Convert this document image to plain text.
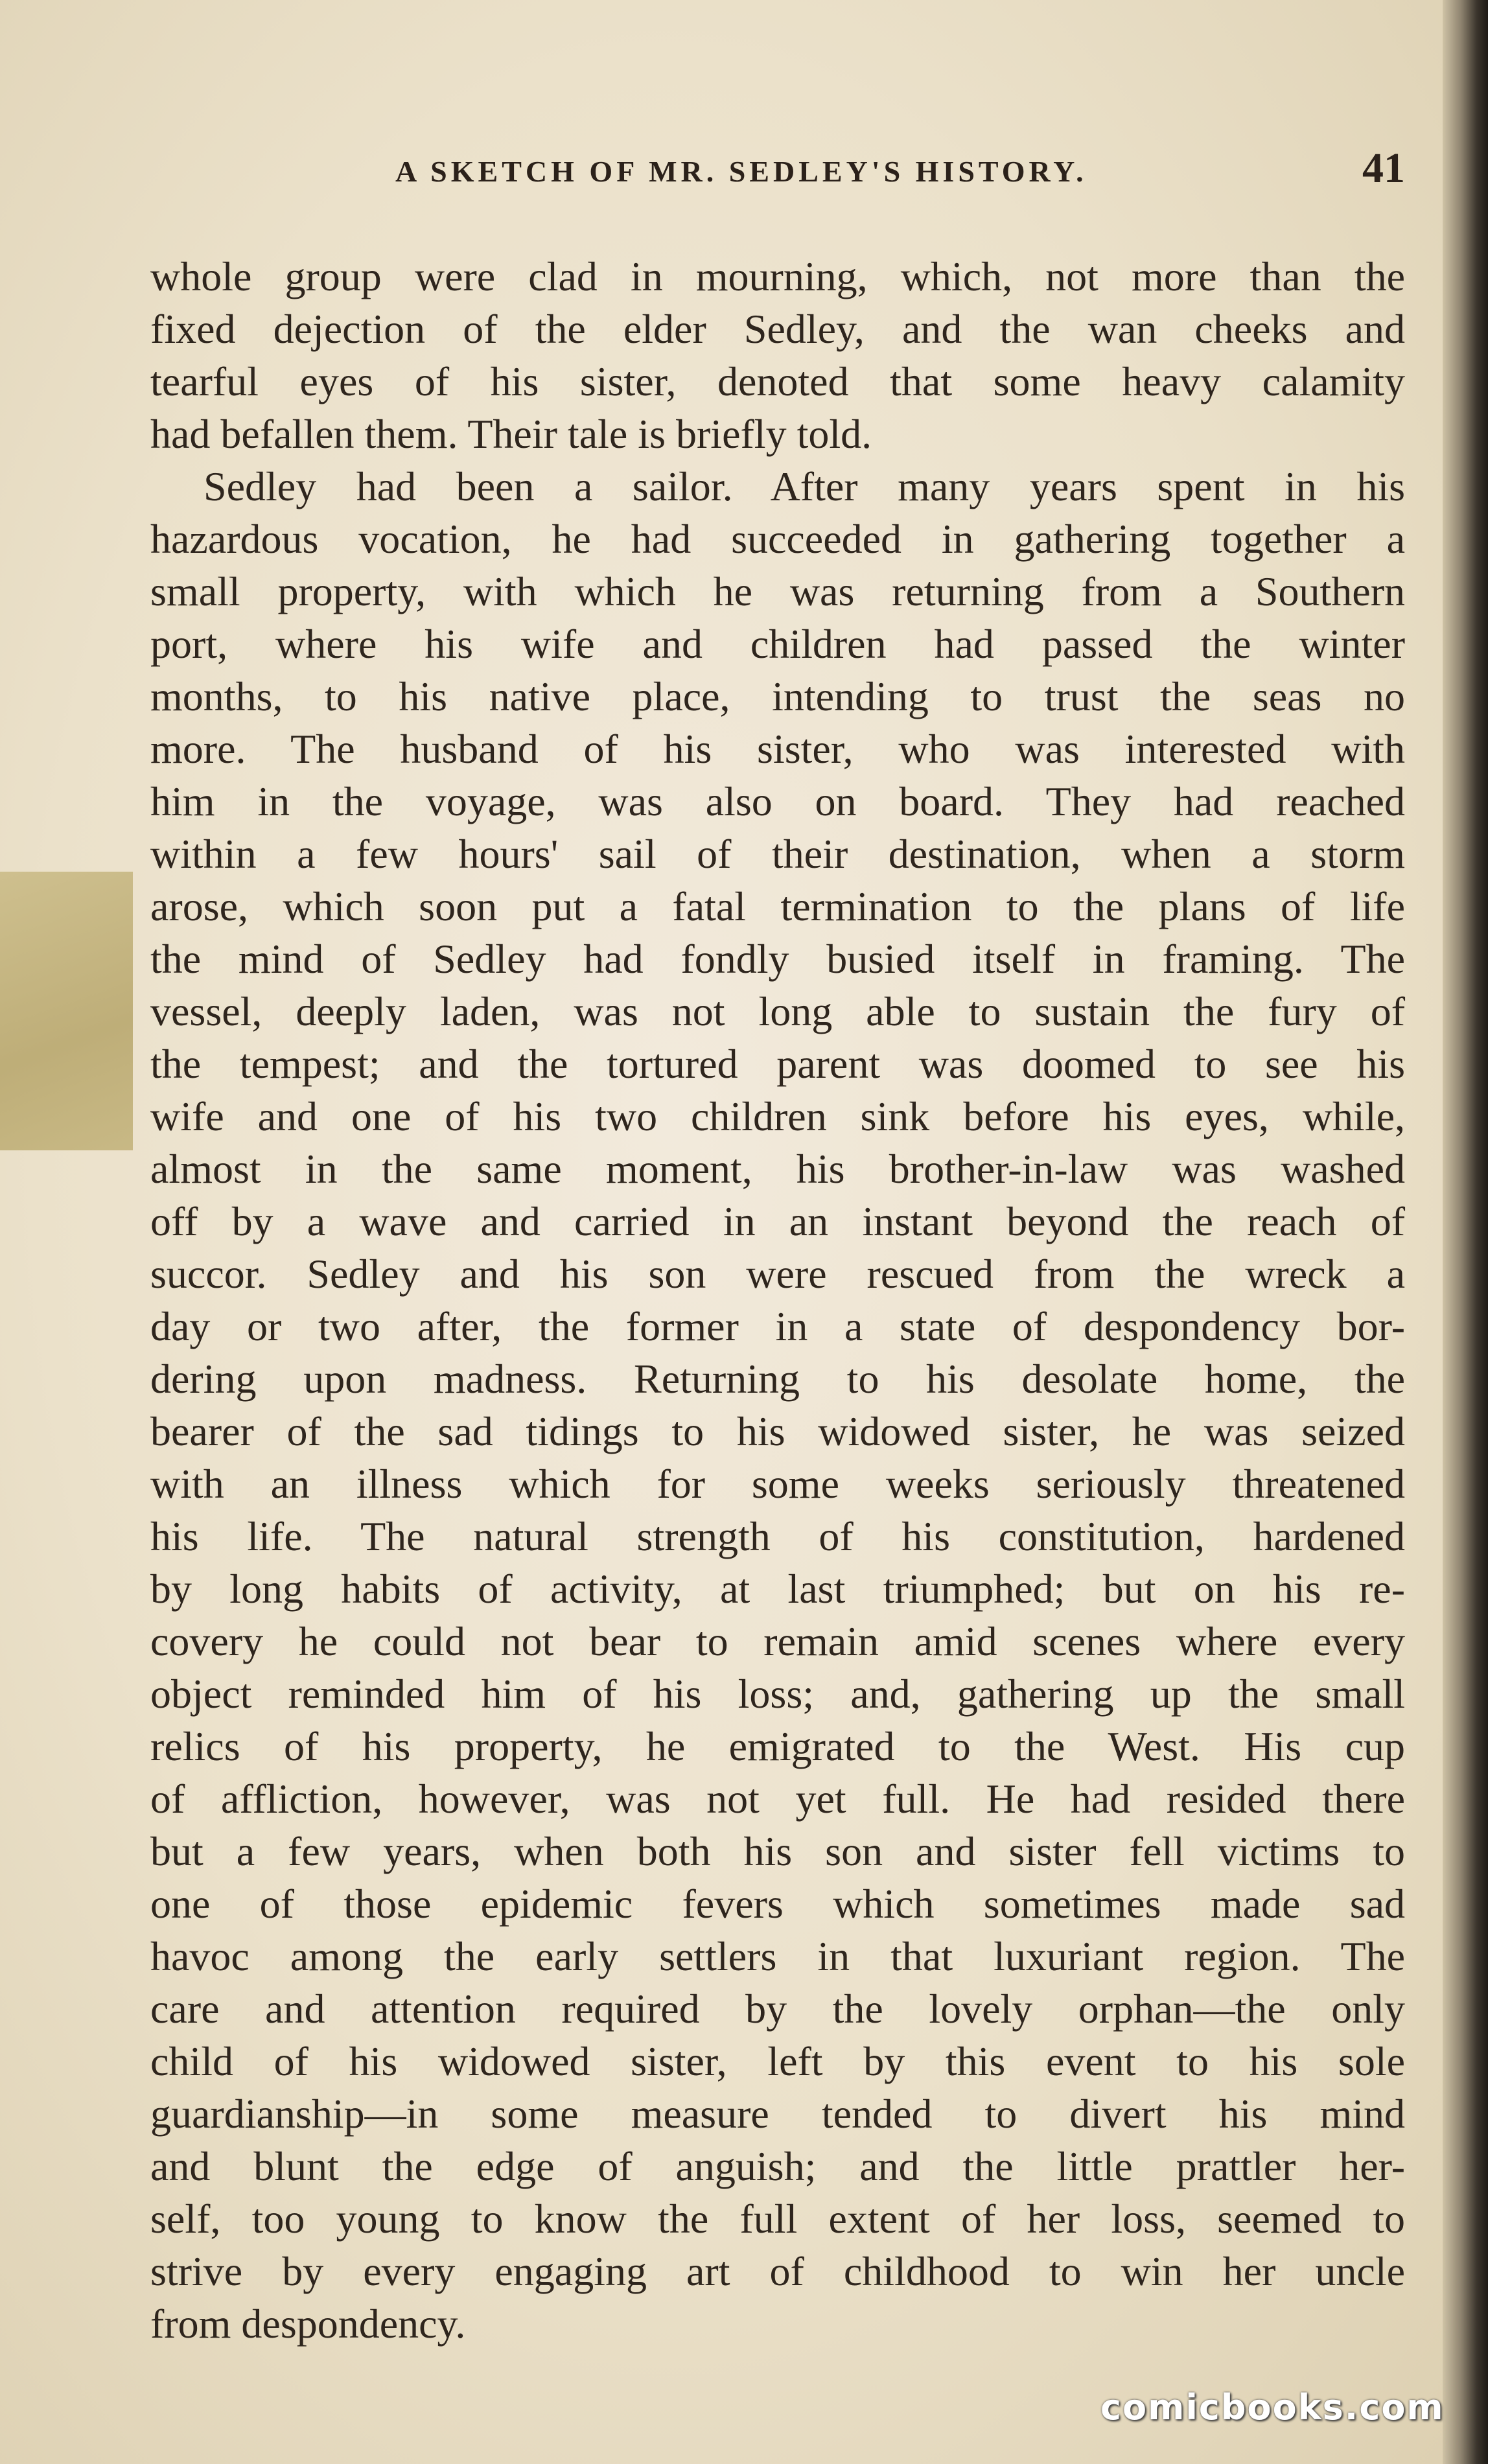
A SKETCH OF MR. SEDLEY'S HISTORY.	41
whole group were clad in mourning, which, not more than the
fixed dejection of the elder Sedley, and the wan cheeks and
tearful eyes of his sister, denoted that some heavy calamity
had befallen them. Their tale is briefly told.
Sedley had been a sailor. After many years spent in his
hazardous vocation, he had succeeded in gathering together a
small property, with which he was returning from a Southern
port, where his wife and children had passed the winter
months, to his native place, intending to trust the seas no
more. The husband of his sister, who was interested with
him in the voyage, was also on board. They had reached
within a few hours' sail of their destination, when a storm
arose, which soon put a fatal termination to the plans of life
the mind of Sedley had fondly busied itself in framing. The
vessel, deeply laden, was not long able to sustain the fury of
the tempest; and the tortured parent was doomed to see his
wife and one of his two children sink before his eyes, while,
almost in the same moment, his brother-in-law was washed
off by a wave and carried in an instant beyond the reach of
succor. Sedley and his son were rescued from the wreck a
day or two after, the former in a state of despondency bor-
dering upon madness. Returning to his desolate home, the
bearer of the sad tidings to his widowed sister, he was seized
with an illness which for some weeks seriously threatened
his life. The natural strength of his constitution, hardened
by long habits of activity, at last triumphed; but on his re-
covery he could not bear to remain amid scenes where every
object reminded him of his loss; and, gathering up the small
relics of his property, he emigrated to the West. His cup
of affliction, however, was not yet full. He had resided there
but a few years, when both his son and sister fell victims to
one of those epidemic fevers which sometimes made sad
havoc among the early settlers in that luxuriant region. The
care and attention required by the lovely orphan—the only
child of his widowed sister, left by this event to his sole
guardianship—in some measure tended to divert his mind
and blunt the edge of anguish; and the little prattler her-
self, too young to know the full extent of her loss, seemed to
strive by every engaging art of childhood to win her uncle
from despondency.
comicbooks.com
